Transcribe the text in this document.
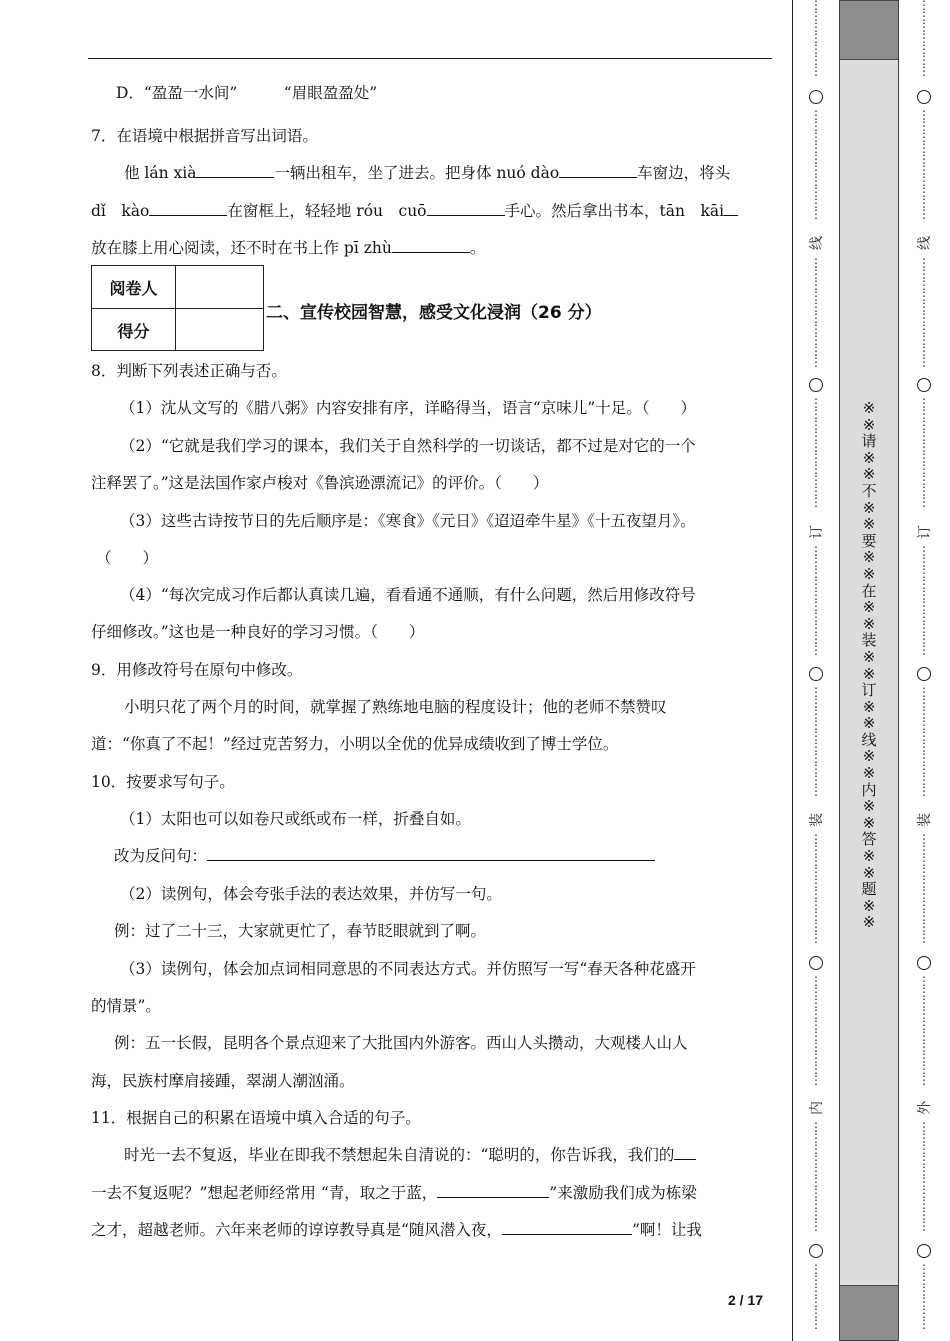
D．“盈盈一水间”　　　“眉眼盈盈处”
7．在语境中根据拼音写出词语。
他 lán xià	一辆出租车，坐了进去。把身体 nuó dào	车窗边，将头
dǐ　kào	在窗框上，轻轻地 róu　cuō	手心。然后拿出书本，tān　kāi
放在膝上用心阅读，还不时在书上作 pī zhù	。
阅卷人
得分
二、宣传校园智慧，感受文化浸润（26 分）
8．判断下列表述正确与否。
（1）沈从文写的《腊八粥》内容安排有序，详略得当，语言“京味儿”十足。（　　）
（2）“它就是我们学习的课本，我们关于自然科学的一切谈话，都不过是对它的一个
注释罢了。”这是法国作家卢梭对《鲁滨逊漂流记》的评价。（　　）
（3）这些古诗按节日的先后顺序是：《寒食》《元日》《迢迢牵牛星》《十五夜望月》。
（　　）
（4）“每次完成习作后都认真读几遍，看看通不通顺，有什么问题，然后用修改符号
仔细修改。”这也是一种良好的学习习惯。（　　）
9．用修改符号在原句中修改。
小明只花了两个月的时间，就掌握了熟练地电脑的程度设计；他的老师不禁赞叹
道：“你真了不起！”经过克苦努力，小明以全优的优异成绩收到了博士学位。
10．按要求写句子。
（1）太阳也可以如卷尺或纸或布一样，折叠自如。
改为反问句：
（2）读例句，体会夸张手法的表达效果，并仿写一句。
例：过了二十三，大家就更忙了，春节眨眼就到了啊。
（3）读例句，体会加点词相同意思的不同表达方式。并仿照写一写“春天各种花盛开
的情景”。
例：五一长假，昆明各个景点迎来了大批国内外游客。西山人头攒动，大观楼人山人
海，民族村摩肩接踵，翠湖人潮汹涌。
11．根据自己的积累在语境中填入合适的句子。
时光一去不复返，毕业在即我不禁想起朱自清说的：“聪明的，你告诉我，我们的
一去不复返呢？”想起老师经常用 “青，取之于蓝，	”来激励我们成为栋梁
之才，超越老师。六年来老师的谆谆教导真是“随风潜入夜，	”啊！让我
2 / 17
※※请※※不※※要※※在※※装※※订※※线※※内※※答※※题※※
⋮
⋮
⋮
⋮
⋮
⋮
⋮
⋮
⋮
⋮
⋮
⋮
⋮
⋮
⋮
⋮
⋮
线
⋮
⋮
⋮
⋮
⋮
⋮
⋮
⋮
⋮
⋮
⋮
⋮
⋮
⋮
⋮
⋮
⋮
⋮
⋮
⋮
订
⋮
⋮
⋮
⋮
⋮
⋮
⋮
⋮
⋮
⋮
⋮
⋮
⋮
⋮
⋮
⋮
⋮
⋮
⋮
⋮
装
⋮
⋮
⋮
⋮
⋮
⋮
⋮
⋮
⋮
⋮
⋮
⋮
⋮
⋮
⋮
⋮
⋮
⋮
⋮
⋮
内
⋮
⋮
⋮
⋮
⋮
⋮
⋮
⋮
⋮
⋮
⋮
⋮
⋮
⋮
⋮
⋮
⋮
⋮
⋮
⋮
⋮
⋮
⋮
⋮
⋮
⋮
⋮
⋮
⋮
⋮
⋮
⋮
⋮
线
⋮
⋮
⋮
⋮
⋮
⋮
⋮
⋮
⋮
⋮
⋮
⋮
⋮
⋮
⋮
⋮
⋮
⋮
⋮
⋮
订
⋮
⋮
⋮
⋮
⋮
⋮
⋮
⋮
⋮
⋮
⋮
⋮
⋮
⋮
⋮
⋮
⋮
⋮
⋮
⋮
装
⋮
⋮
⋮
⋮
⋮
⋮
⋮
⋮
⋮
⋮
⋮
⋮
⋮
⋮
⋮
⋮
⋮
⋮
⋮
⋮
外
⋮
⋮
⋮
⋮
⋮
⋮
⋮
⋮
⋮
⋮
⋮
⋮
⋮
⋮
⋮
⋮
